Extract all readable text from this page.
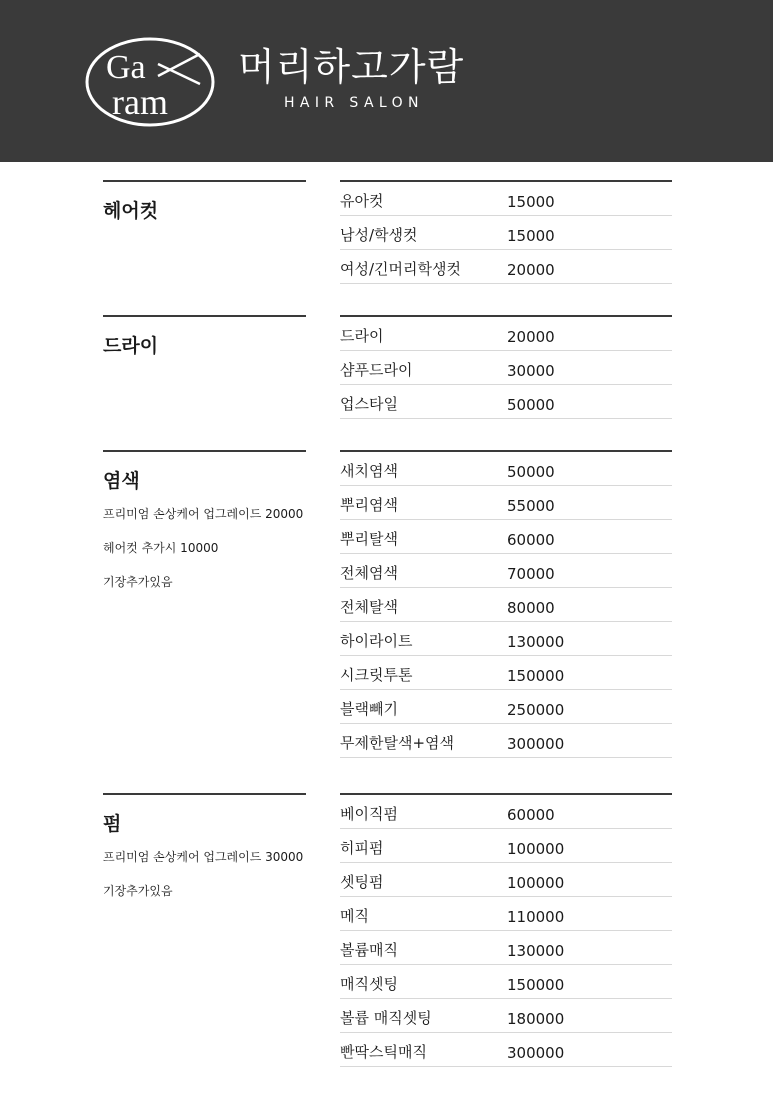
Ga
ram
머리하고가람
HAIR SALON
헤어컷	유아컷	15000
남성/학생컷	15000
여성/긴머리학생컷	20000
드라이	드라이	20000
샴푸드라이	30000
업스타일	50000
염색
프리미엄 손상케어 업그레이드 20000
헤어컷 추가시 10000
기장추가있음
새치염색	50000
뿌리염색	55000
뿌리탈색	60000
전체염색	70000
전체탈색	80000
하이라이트	130000
시크릿투톤	150000
블랙빼기	250000
무제한탈색+염색	300000
펌
프리미엄 손상케어 업그레이드 30000
기장추가있음
베이직펌	60000
히피펌	100000
셋팅펌	100000
메직	110000
볼륨매직	130000
매직셋팅	150000
볼륩 매직셋팅	180000
빤딱스틱매직	300000
